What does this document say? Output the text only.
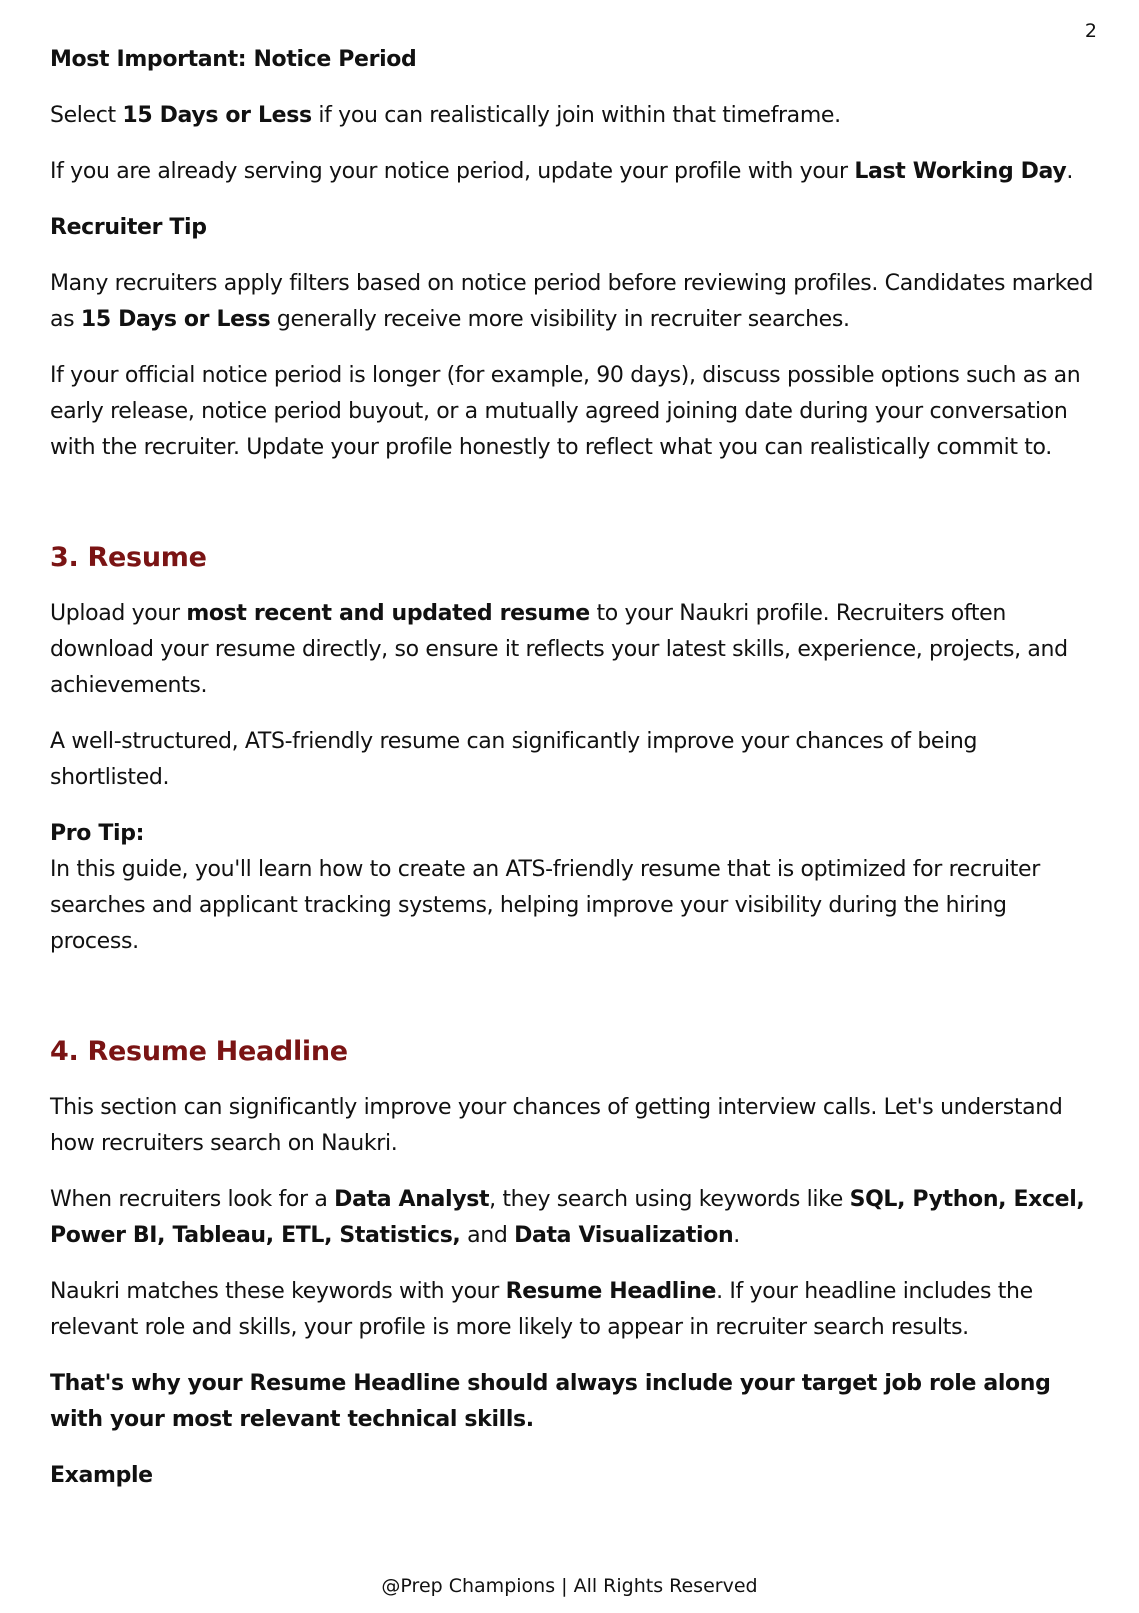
2

Most Important: Notice Period

Select 15 Days or Less if you can realistically join within that timeframe.

If you are already serving your notice period, update your profile with your Last Working Day.

Recruiter Tip

Many recruiters apply filters based on notice period before reviewing profiles. Candidates marked as 15 Days or Less generally receive more visibility in recruiter searches.

If your official notice period is longer (for example, 90 days), discuss possible options such as an early release, notice period buyout, or a mutually agreed joining date during your conversation with the recruiter. Update your profile honestly to reflect what you can realistically commit to.

3. Resume

Upload your most recent and updated resume to your Naukri profile. Recruiters often download your resume directly, so ensure it reflects your latest skills, experience, projects, and achievements.

A well-structured, ATS-friendly resume can significantly improve your chances of being shortlisted.

Pro Tip:
In this guide, you'll learn how to create an ATS-friendly resume that is optimized for recruiter searches and applicant tracking systems, helping improve your visibility during the hiring process.

4. Resume Headline

This section can significantly improve your chances of getting interview calls. Let's understand how recruiters search on Naukri.

When recruiters look for a Data Analyst, they search using keywords like SQL, Python, Excel, Power BI, Tableau, ETL, Statistics, and Data Visualization.

Naukri matches these keywords with your Resume Headline. If your headline includes the relevant role and skills, your profile is more likely to appear in recruiter search results.

That's why your Resume Headline should always include your target job role along with your most relevant technical skills.

Example

@Prep Champions | All Rights Reserved
